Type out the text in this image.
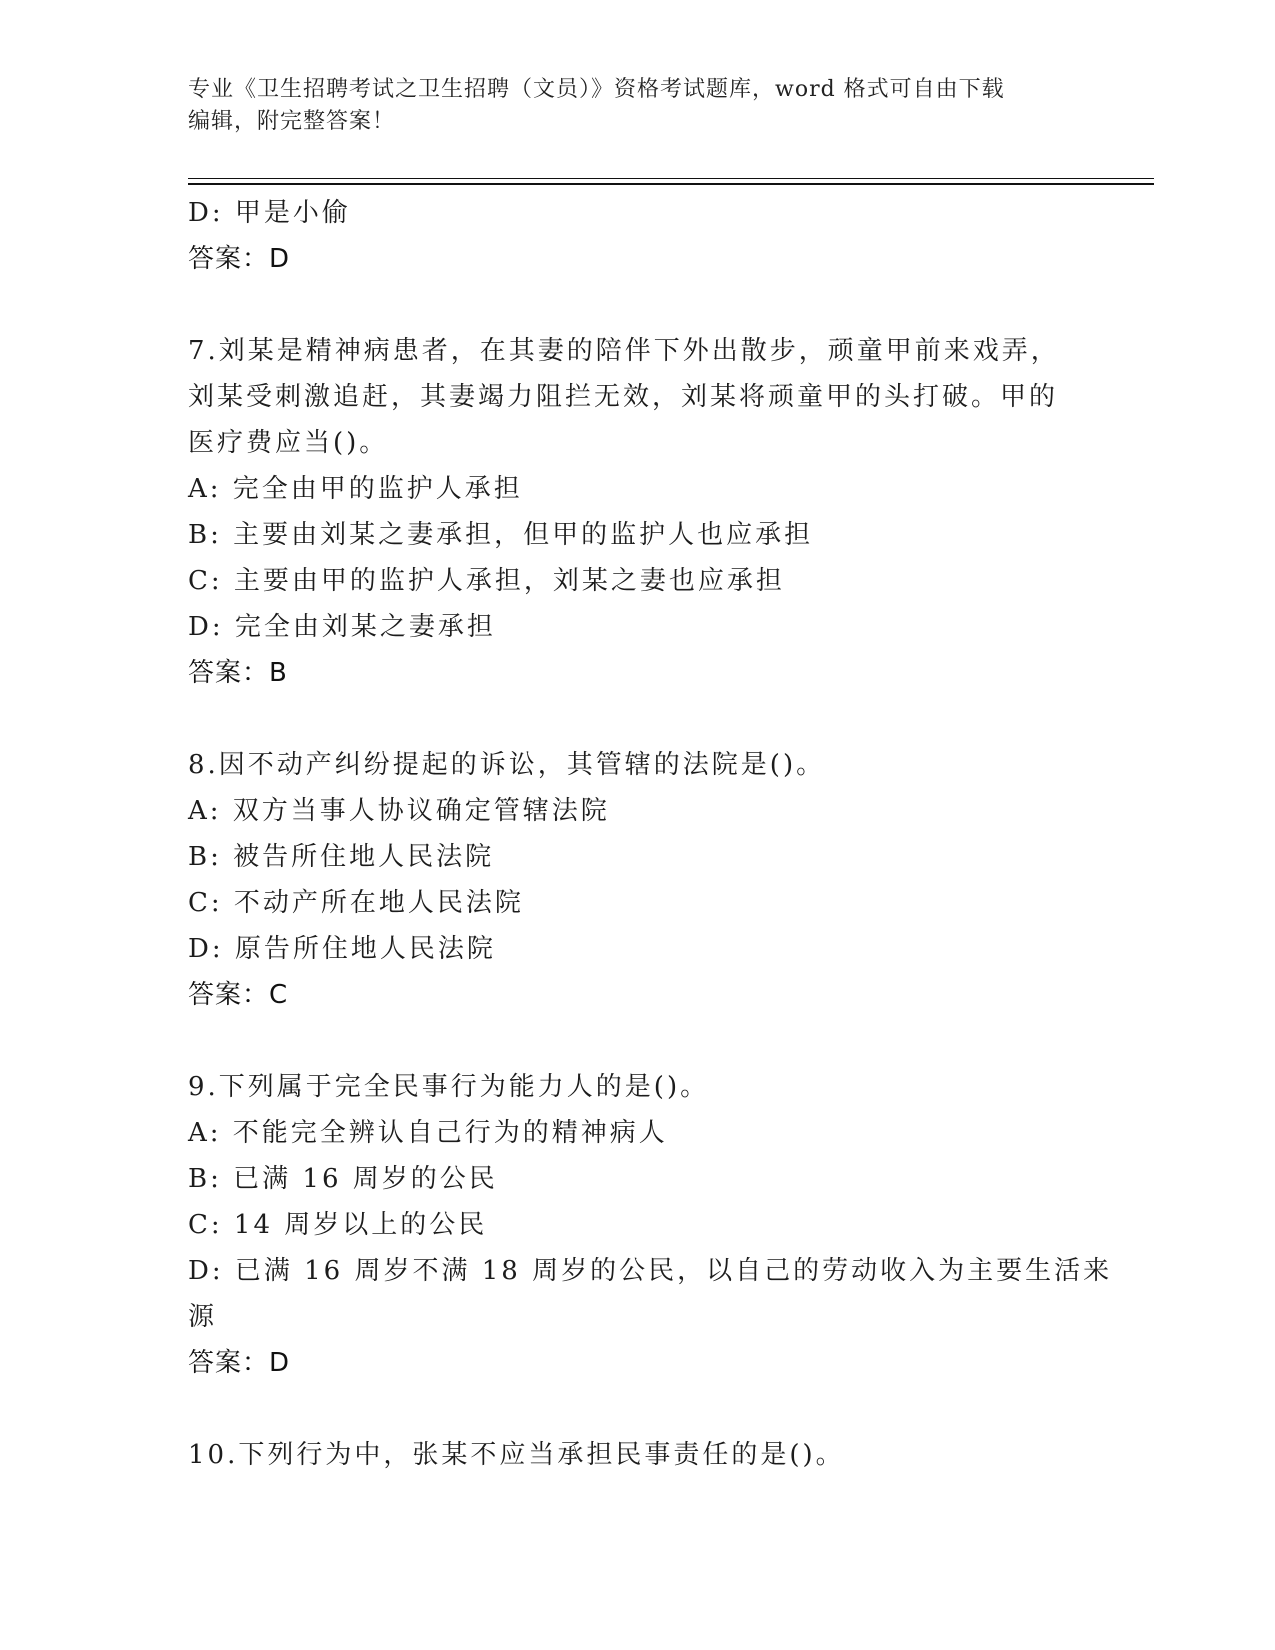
专业《卫生招聘考试之卫生招聘（文员）》资格考试题库，word 格式可自由下载
编辑，附完整答案！
D: 甲是小偷
答案：D
7.刘某是精神病患者，在其妻的陪伴下外出散步，顽童甲前来戏弄，
刘某受刺激追赶，其妻竭力阻拦无效，刘某将顽童甲的头打破。甲的
医疗费应当()。
A: 完全由甲的监护人承担
B: 主要由刘某之妻承担，但甲的监护人也应承担
C: 主要由甲的监护人承担，刘某之妻也应承担
D: 完全由刘某之妻承担
答案：B
8.因不动产纠纷提起的诉讼，其管辖的法院是()。
A: 双方当事人协议确定管辖法院
B: 被告所住地人民法院
C: 不动产所在地人民法院
D: 原告所住地人民法院
答案：C
9.下列属于完全民事行为能力人的是()。
A: 不能完全辨认自己行为的精神病人
B: 已满 16 周岁的公民
C: 14 周岁以上的公民
D: 已满 16 周岁不满 18 周岁的公民，以自己的劳动收入为主要生活来
源
答案：D
10.下列行为中，张某不应当承担民事责任的是()。
